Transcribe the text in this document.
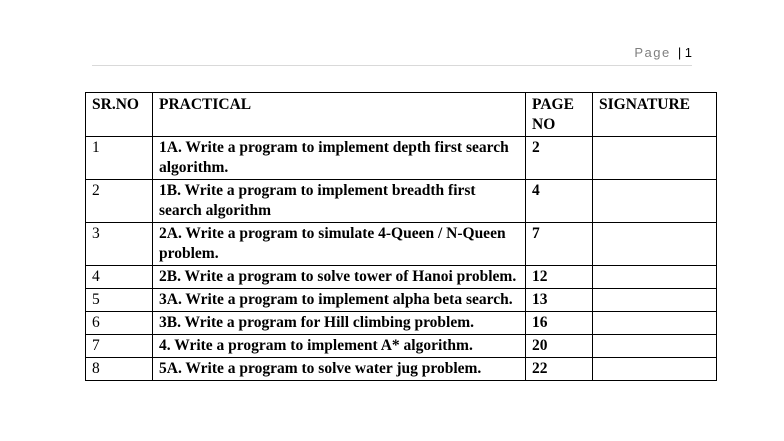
Page | 1
SR.NO	PRACTICAL	PAGE NO	SIGNATURE
1	1A. Write a program to implement depth first search algorithm.	2	
2	1B. Write a program to implement breadth first search algorithm	4	
3	2A. Write a program to simulate 4-Queen / N-Queen problem.	7	
4	2B. Write a program to solve tower of Hanoi problem.	12	
5	3A. Write a program to implement alpha beta search.	13	
6	3B. Write a program for Hill climbing problem.	16	
7	4. Write a program to implement A* algorithm.	20	
8	5A. Write a program to solve water jug problem.	22	
